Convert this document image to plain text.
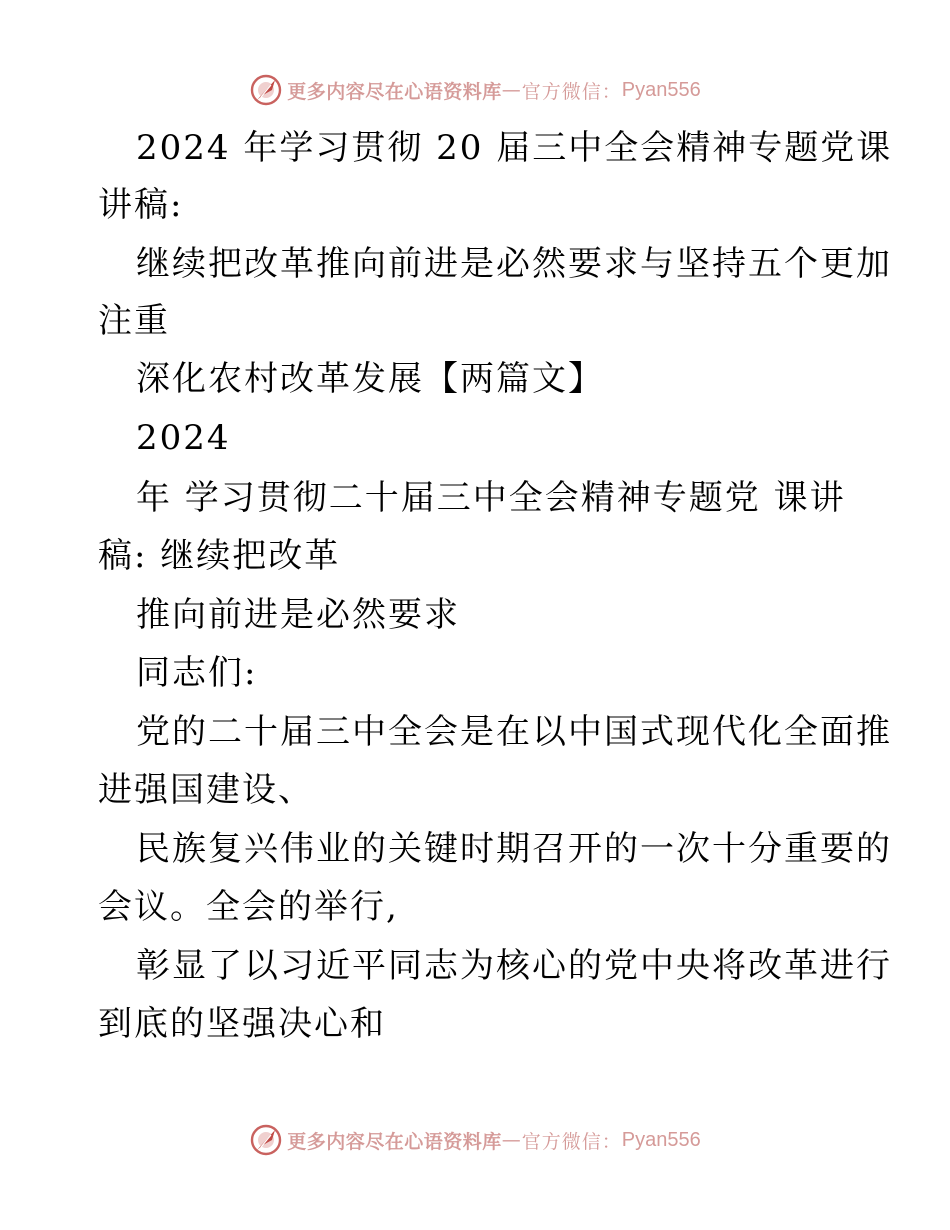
更多内容尽在心语资料库 — 官方微信： Pyan556
2024 年学习贯彻 20 届三中全会精神专题党课
讲稿:
继续把改革推向前进是必然要求与坚持五个更加
注重
深化农村改革发展【两篇文】
2024
年 学习贯彻二十届三中全会精神专题党 课讲
稿: 继续把改革
推向前进是必然要求
同志们:
党的二十届三中全会是在以中国式现代化全面推
进强国建设、
民族复兴伟业的关键时期召开的一次十分重要的
会议。全会的举行,
彰显了以习近平同志为核心的党中央将改革进行
到底的坚强决心和
更多内容尽在心语资料库 — 官方微信： Pyan556
